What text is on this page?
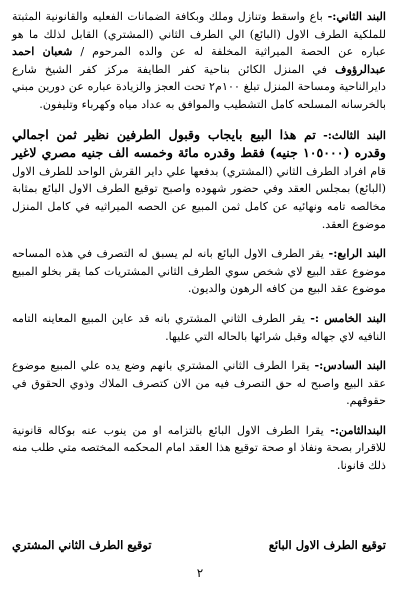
البند الثاني:- باع واسقط وتنازل وملك وبكافة الضمانات الفعليه والقانونية المثبتة للملكية الطرف الاول (البائع) الي الطرف الثاني (المشتري) القابل لذلك ما هو عباره عن الحصة الميراثية المخلفة له عن والده المرحوم / شعبان احمد عبدالرؤوف في المنزل الكائن بناحية كفر الطايفة مركز كفر الشيخ شارع دايرالناحية ومساحة المنزل تبلغ ١٠٠م٢ تحت العجز والزيادة عباره عن دورين مبني بالخرسانه المسلحه كامل التشطيب والموافق به عداد مياه وكهرباء وتليفون.

البند الثالث:- تم هذا البيع بايجاب وقبول الطرفين نظير ثمن اجمالي وقدره (١٠٥٠٠٠ جنيه) فقط وقدره مائة وخمسه الف جنيه مصري لاغير قام افراد الطرف الثاني (المشتري) بدفعها علي داير القرش الواحد للطرف الاول (البائع) بمجلس العقد وفي حضور شهوده واصبح توقيع الطرف الاول البائع بمثابة مخالصه تامه ونهائيه عن كامل ثمن المبيع عن الحصه الميراثيه في كامل المنزل موضوع العقد.

البند الرابع:- يقر الطرف الاول البائع بانه لم يسبق له التصرف في هذه المساحه موضوع عقد البيع لاي شخص سوي الطرف الثاني المشتريات كما يقر بخلو المبيع موضوع عقد البيع من كافه الرهون والديون.

البند الخامس :- يقر الطرف الثاني المشتري بانه قد عاين المبيع المعاينه التامه النافيه لاي جهاله وقبل شرائها بالحاله التي عليها.

البند السادس:- يقرا الطرف الثاني المشتري بانهم وضع يده علي المبيع موضوع عقد البيع واصبح له حق التصرف فيه من الان كتصرف الملاك وذوي الحقوق في حقوقهم.

البندالثامن:- يقرا الطرف الاول البائع بالتزامه او من ينوب عنه بوكاله قانونية للاقرار بصحة ونفاذ او صحة توقيع هذا العقد امام المحكمه المختصه متي طلب منه ذلك قانونا.

توقيع الطرف الاول البائع
توقيع الطرف الثاني المشتري
٢
